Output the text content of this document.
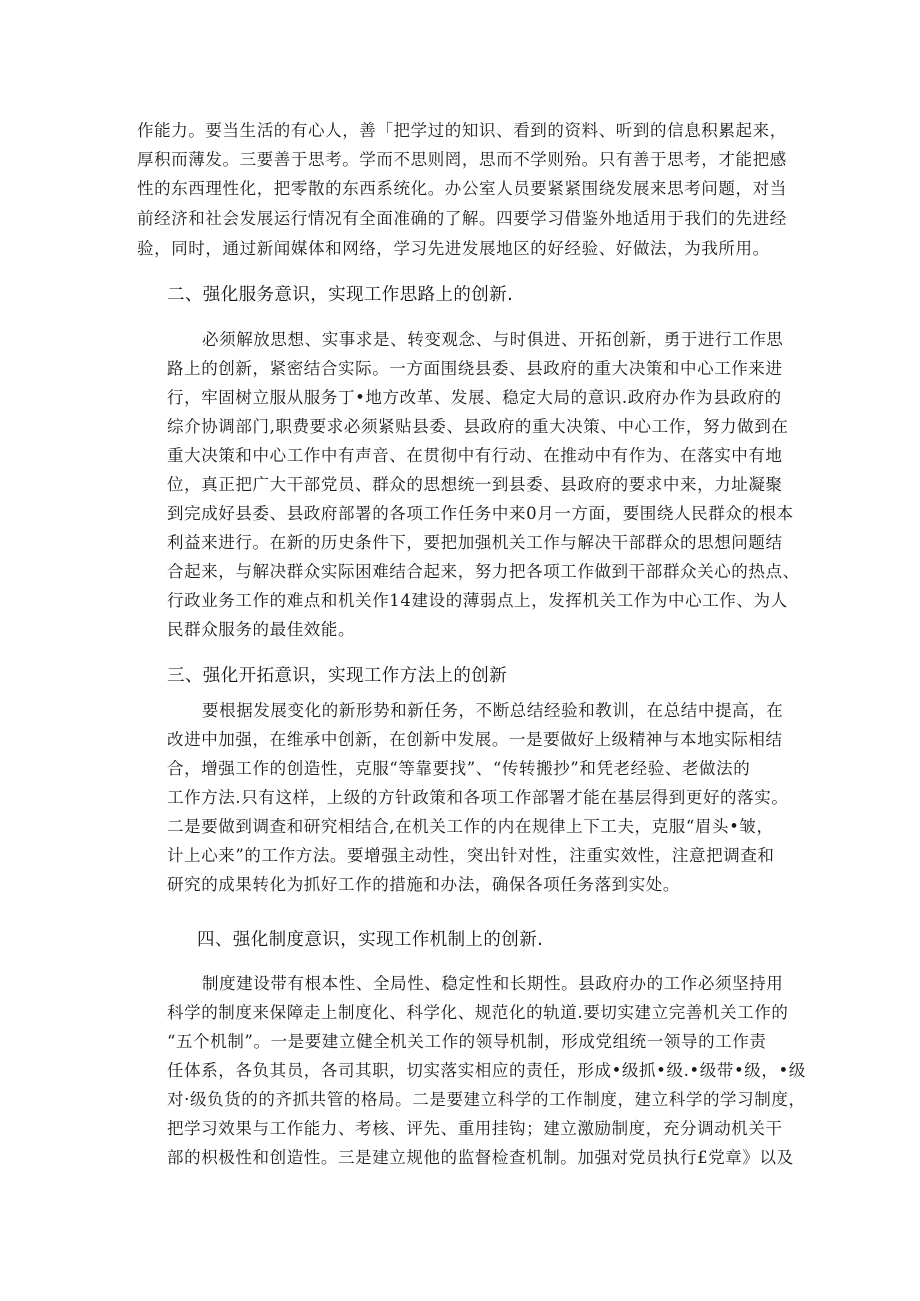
作能力。要当生活的有心人，善「把学过的知识、看到的资料、听到的信息积累起来，
厚积而薄发。三要善于思考。学而不思则罔，思而不学则殆。只有善于思考，才能把感
性的东西理性化，把零散的东西系统化。办公室人员要紧紧围绕发展来思考问题，对当
前经济和社会发展运行情况有全面准确的了解。四要学习借鉴外地适用于我们的先进经
验，同时，通过新闻媒体和网络，学习先进发展地区的好经验、好做法，为我所用。
二、强化服务意识，实现工作思路上的创新.
必须解放思想、实事求是、转变观念、与时俱进、开拓创新，勇于进行工作思
路上的创新，紧密结合实际。一方面围绕县委、县政府的重大决策和中心工作来进
行，牢固树立服从服务丁•地方改革、发展、稳定大局的意识.政府办作为县政府的
综介协调部门,职费要求必须紧贴县委、县政府的重大决策、中心工作，努力做到在
重大决策和中心工作中有声音、在贯彻中有行动、在推动中有作为、在落实中有地
位，真正把广大干部党员、群众的思想统一到县委、县政府的要求中来，力址凝聚
到完成好县委、县政府部署的各项工作任务中来0月一方面，要围绕人民群众的根本
利益来进行。在新的历史条件下，要把加强机关工作与解决干部群众的思想问题结
合起来，与解决群众实际困难结合起来，努力把各项工作做到干部群众关心的热点、
行政业务工作的难点和机关作14建设的薄弱点上，发挥机关工作为中心工作、为人
民群众服务的最佳效能。
三、强化开拓意识，实现工作方法上的创新
要根据发展变化的新形势和新任务，不断总结经验和教训，在总结中提高，在
改进中加强，在维承中创新，在创新中发展。一是要做好上级精神与本地实际相结
合，增强工作的创造性，克服“等靠要找”、“传转搬抄”和凭老经验、老做法的
工作方法.只有这样，上级的方针政策和各项工作部署才能在基层得到更好的落实。
二是要做到调查和研究相结合,在机关工作的内在规律上下工夫，克服“眉头•皱，
计上心来”的工作方法。要增强主动性，突出针对性，注重实效性，注意把调查和
研究的成果转化为抓好工作的措施和办法，确保各项任务落到实处。
四、强化制度意识，实现工作机制上的创新.
制度建设带有根本性、全局性、稳定性和长期性。县政府办的工作必须坚持用
科学的制度来保障走上制度化、科学化、规范化的轨道.要切实建立完善机关工作的
“五个机制”。一是要建立健全机关工作的领导机制，形成党组统一领导的工作责
任体系，各负其员，各司其职，切实落实相应的责任，形成•级抓•级.•级带•级，•级
对·级负货的的齐抓共管的格局。二是要建立科学的工作制度，建立科学的学习制度，
把学习效果与工作能力、考核、评先、重用挂钩；建立激励制度，充分调动机关干
部的枳极性和创造性。三是建立规他的监督检查机制。加强对党员执行£党章》以及
